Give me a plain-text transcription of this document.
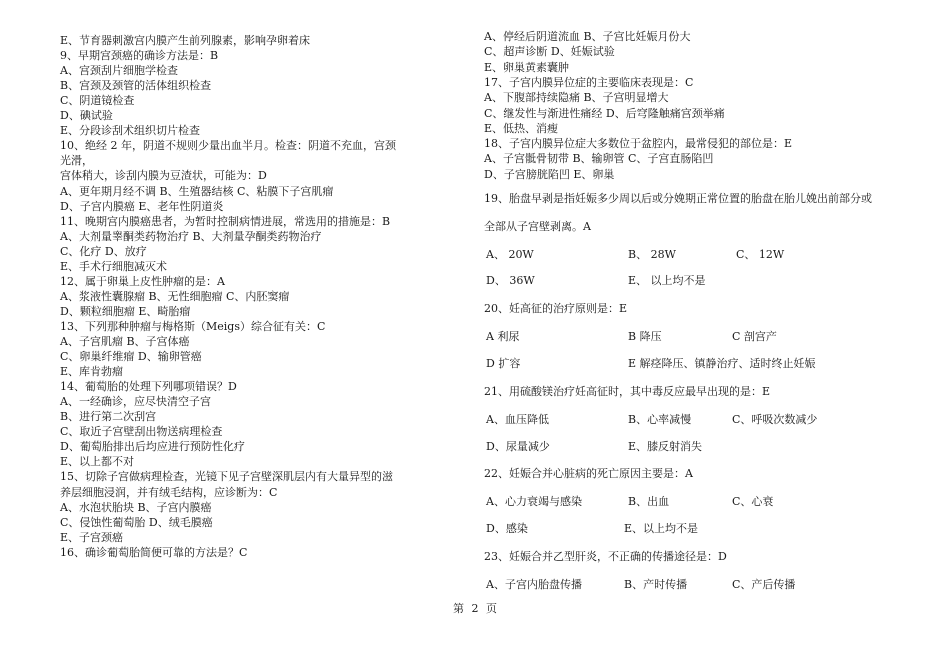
E、节育器刺激宫内膜产生前列腺素，影响孕卵着床
9、早期宫颈癌的确诊方法是：B
A、宫颈刮片细胞学检查
B、宫颈及颈管的活体组织检查
C、阴道镜检查
D、碘试验
E、分段诊刮术组织切片检查
10、绝经 2 年，阴道不规则少量出血半月。检查：阴道不充血，宫颈
光滑，
宫体稍大，诊刮内膜为豆渣状，可能为：D
A、更年期月经不调 B、生殖器结核 C、粘膜下子宫肌瘤
D、子宫内膜癌 E、老年性阴道炎
11、晚期宫内膜癌患者，为暂时控制病情进展，常选用的措施是：B
A、大剂量睾酮类药物治疗 B、大剂量孕酮类药物治疗
C、化疗 D、放疗
E、手术行细胞减灭术
12、属于卵巢上皮性肿瘤的是：A
A、浆液性囊腺瘤 B、无性细胞瘤 C、内胚窦瘤
D、颗粒细胞瘤 E、畸胎瘤
13、下列那种肿瘤与梅格斯（Meigs）综合征有关：C
A、子宫肌瘤 B、子宫体癌
C、卵巢纤维瘤 D、输卵管癌
E、库肯勃瘤
14、葡萄胎的处理下列哪项错误？D
A、一经确诊，应尽快清空子宫
B、进行第二次刮宫
C、取近子宫壁刮出物送病理检查
D、葡萄胎排出后均应进行预防性化疗
E、以上都不对
15、切除子宫做病理检查，光镜下见子宫壁深肌层内有大量异型的滋
养层细胞浸润，并有绒毛结构，应诊断为：C
A、水泡状胎块 B、子宫内膜癌
C、侵蚀性葡萄胎 D、绒毛膜癌
E、子宫颈癌
16、确诊葡萄胎简便可靠的方法是？C
A、停经后阴道流血 B、子宫比妊娠月份大
C、超声诊断 D、妊娠试验
E、卵巢黄素囊肿
17、子宫内膜异位症的主要临床表现是：C
A、下腹部持续隐痛 B、子宫明显增大
C、继发性与渐进性痛经 D、后穹隆触痛宫颈举痛
E、低热、消瘦
18、子宫内膜异位症大多数位于盆腔内，最常侵犯的部位是：E
A、子宫骶骨韧带 B、输卵管 C、子宫直肠陷凹
D、子宫膀胱陷凹 E、卵巢
19、胎盘早剥是指妊娠多少周以后或分娩期正常位置的胎盘在胎儿娩出前部分或
全部从子宫壁剥离。A
A、 20W	B、 28W	C、 12W
D、 36W	E、 以上均不是
20、妊高征的治疗原则是：E
A 利尿	B 降压	C 剖宫产
D 扩容	E 解痉降压、镇静治疗、适时终止妊娠
21、用硫酸镁治疗妊高征时，其中毒反应最早出现的是：E
A、血压降低	B、心率减慢	C、呼吸次数减少
D、尿量减少	E、膝反射消失
22、妊娠合并心脏病的死亡原因主要是：A
A、心力衰竭与感染	B、出血	C、心衰
D、感染	E、以上均不是
23、妊娠合并乙型肝炎，不正确的传播途径是：D
A、子宫内胎盘传播	B、产时传播	C、产后传播
第 2 页
